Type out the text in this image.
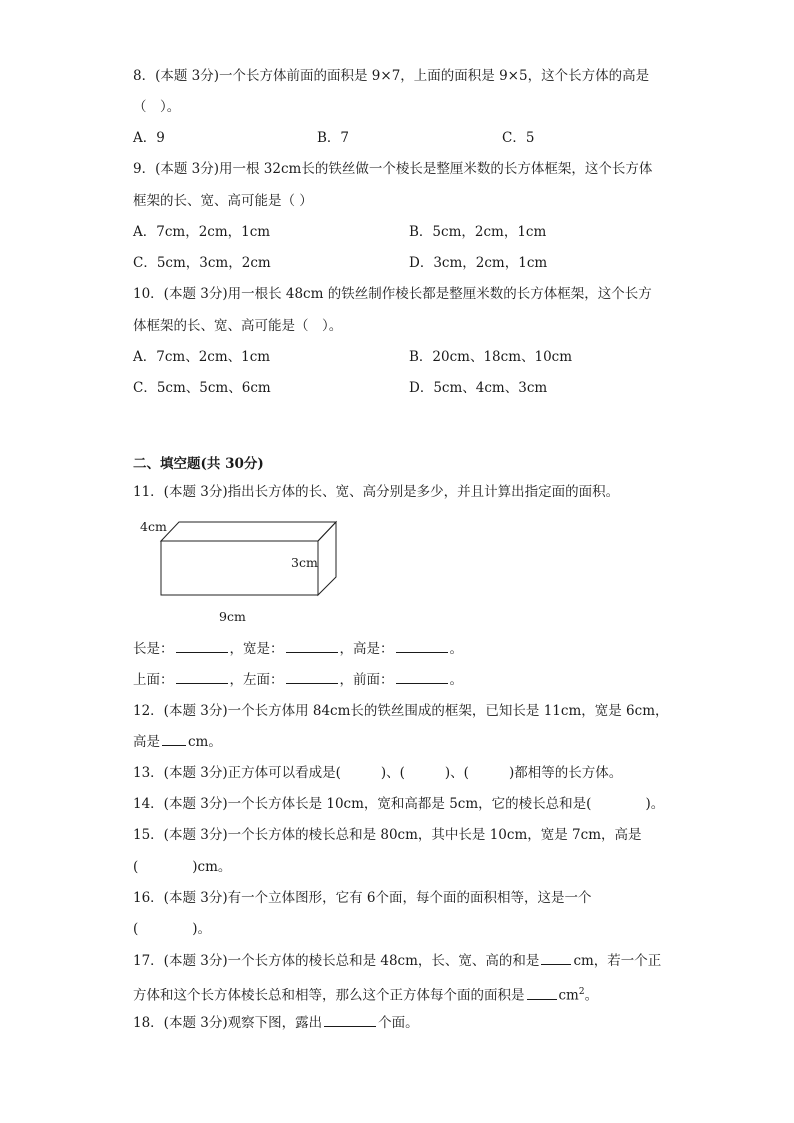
8．(本题 3分)一个长方体前面的面积是 9×7，上面的面积是 9×5，这个长方体的高是
（　）。
A．9	B．7	C．5
9．(本题 3分)用一根 32cm长的铁丝做一个棱长是整厘米数的长方体框架，这个长方体
框架的长、宽、高可能是（ ）
A．7cm，2cm，1cm	B．5cm，2cm，1cm
C．5cm，3cm，2cm	D．3cm，2cm，1cm
10．(本题 3分)用一根长 48cm 的铁丝制作棱长都是整厘米数的长方体框架，这个长方
体框架的长、宽、高可能是（　）。
A．7cm、2cm、1cm	B．20cm、18cm、10cm
C．5cm、5cm、6cm	D．5cm、4cm、3cm
二、填空题(共 30分)
11．(本题 3分)指出长方体的长、宽、高分别是多少，并且计算出指定面的面积。
4cm
3cm
9cm
长是：	，宽是：	，高是：	。
上面：	，左面：	，前面：	。
12．(本题 3分)一个长方体用 84cm长的铁丝围成的框架，已知长是 11cm，宽是 6cm，
高是 cm。
13．(本题 3分)正方体可以看成是(	)、(	)、(	)都相等的长方体。
14．(本题 3分)一个长方体长是 10cm，宽和高都是 5cm，它的棱长总和是(	)。
15．(本题 3分)一个长方体的棱长总和是 80cm，其中长是 10cm，宽是 7cm，高是
(	)cm。
16．(本题 3分)有一个立体图形，它有 6个面，每个面的面积相等，这是一个
(	)。
17．(本题 3分)一个长方体的棱长总和是 48cm，长、宽、高的和是	cm，若一个正
方体和这个长方体棱长总和相等，那么这个正方体每个面的面积是	$cm^2$。
18．(本题 3分)观察下图，露出	个面。
